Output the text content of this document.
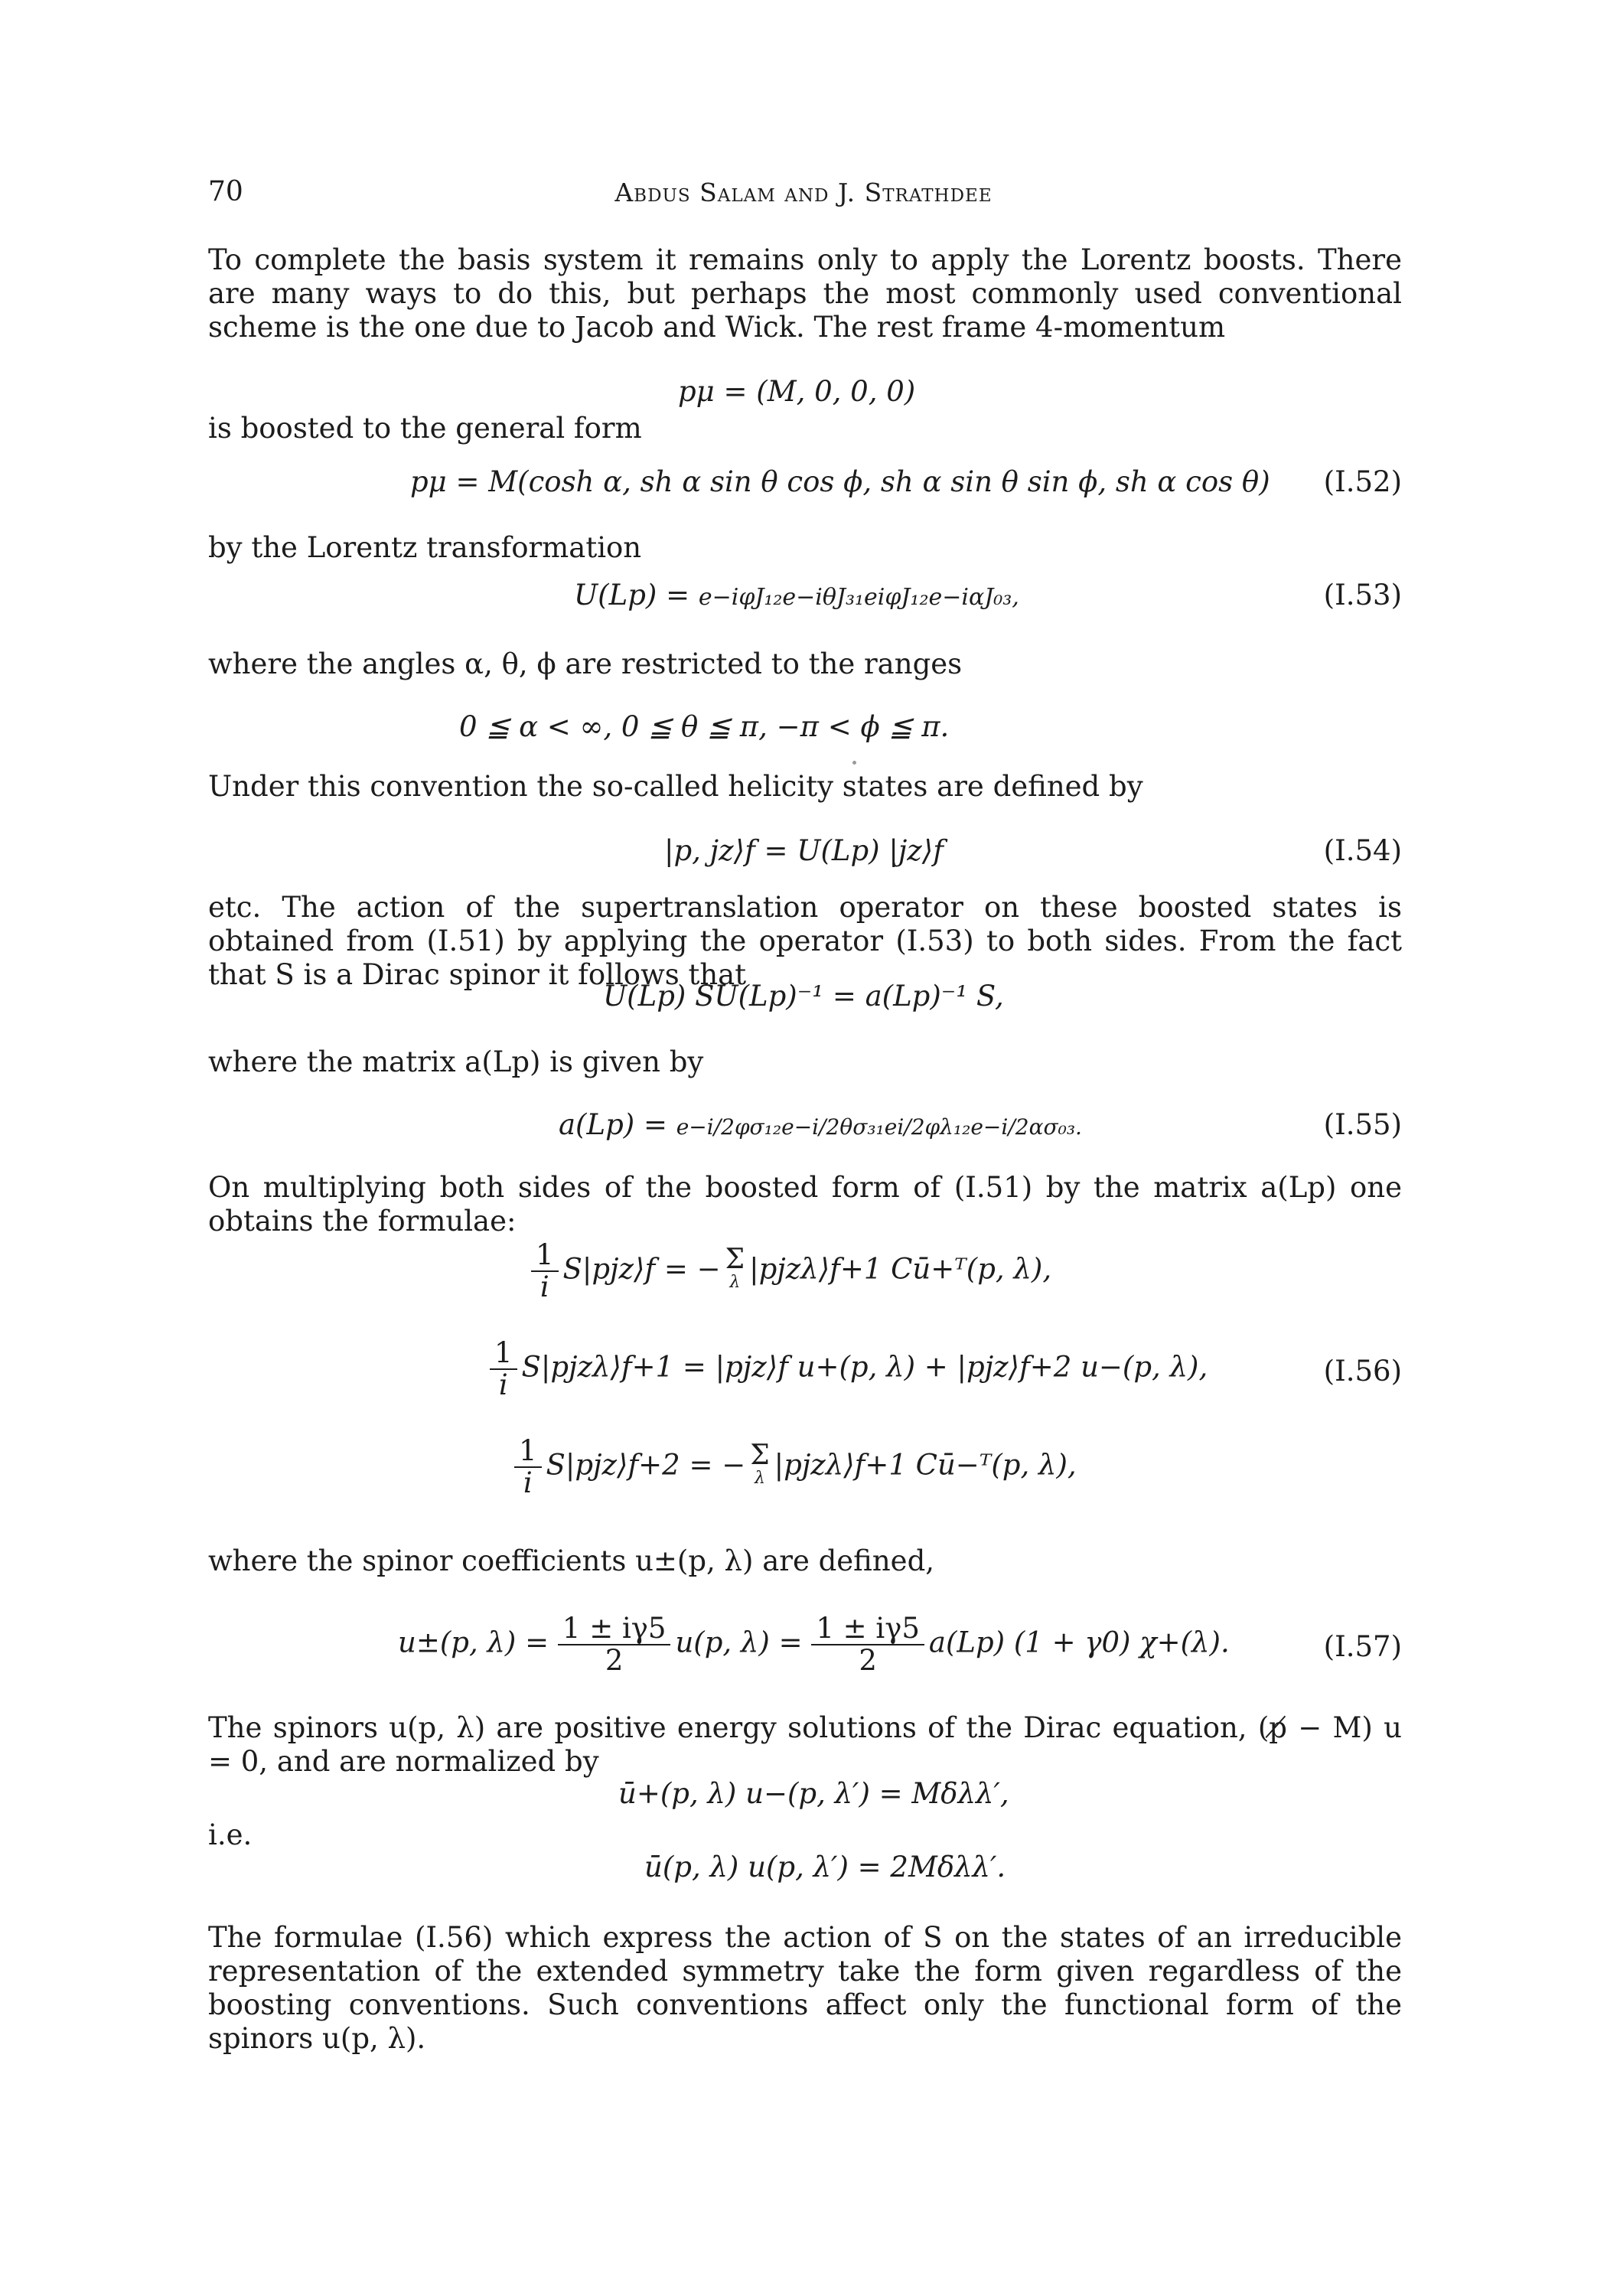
70	Abdus Salam and J. Strathdee
To complete the basis system it remains only to apply the Lorentz boosts. There are many ways to do this, but perhaps the most commonly used conventional scheme is the one due to Jacob and Wick. The rest frame 4-momentum
pμ = (M, 0, 0, 0)
is boosted to the general form
pμ = M(cosh α, sh α sin θ cos ϕ, sh α sin θ sin ϕ, sh α cos θ) (I.52)
by the Lorentz transformation
U(Lp) = e−iφJ₁₂e−iθJ₃₁eiφJ₁₂e−iαJ₀₃,	(I.53)
where the angles α, θ, ϕ are restricted to the ranges
0 ≦ α < ∞, 0 ≦ θ ≦ π, −π < ϕ ≦ π.
Under this convention the so-called helicity states are defined by
|p, jz⟩f = U(Lp) |jz⟩f	(I.54)
etc. The action of the supertranslation operator on these boosted states is obtained from (I.51) by applying the operator (I.53) to both sides. From the fact that S is a Dirac spinor it follows that
U(Lp) SU(Lp)⁻¹ = a(Lp)⁻¹ S,
where the matrix a(Lp) is given by
a(Lp) = e−i/2φσ₁₂e−i/2θσ₃₁ei/2φλ₁₂e−i/2ασ₀₃.	(I.55)
On multiplying both sides of the boosted form of (I.51) by the matrix a(Lp) one obtains the formulae:
$\frac{1}{i}$ S|pjz⟩f = − Σ
λ |pjzλ⟩f+1 Cū+ᵀ(p, λ),
$\frac{1}{i}$ S|pjzλ⟩f+1 = |pjz⟩f u+(p, λ) + |pjz⟩f+2 u−(p, λ),	(I.56)
$\frac{1}{i}$ S|pjz⟩f+2 = − Σ
λ |pjzλ⟩f+1 Cū−ᵀ(p, λ),
where the spinor coefficients u±(p, λ) are defined,
u±(p, $\lambda) = \frac{1 \pm i\gamma 5}{2} u(p$, $\lambda) = \frac{1 \pm i\gamma 5}{2} a(Lp) (1 + \gamma 0)$ χ+(λ).	(I.57)
The spinors u(p, λ) are positive energy solutions of the Dirac equation, (p̸ − M) u = 0, and are normalized by
ū+(p, λ) u−(p, λ′) = Mδλλ′,
i.e.
ū(p, λ) u(p, λ′) = 2Mδλλ′.
The formulae (I.56) which express the action of S on the states of an irreducible representation of the extended symmetry take the form given regardless of the boosting conventions. Such conventions affect only the functional form of the spinors u(p, λ).
